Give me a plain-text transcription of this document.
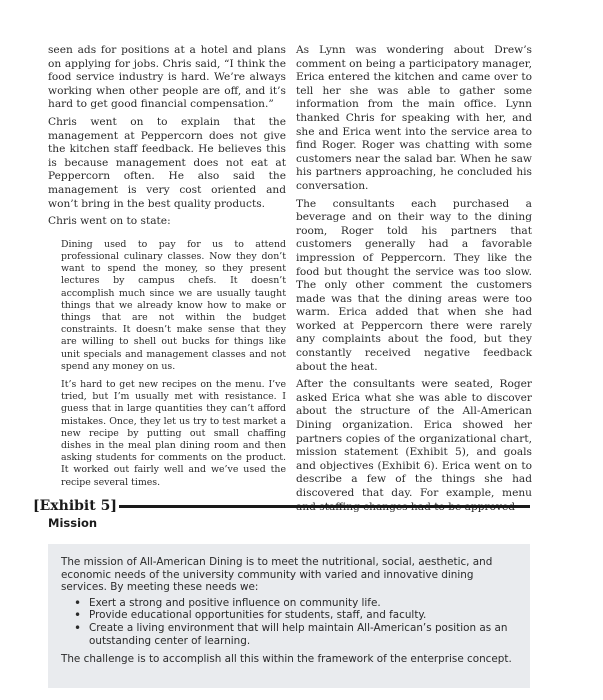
seen ads for positions at a hotel and plans on applying for jobs. Chris said, “I think the food service industry is hard. We’re always working when other people are off, and it’s hard to get good financial compensation.”

Chris went on to explain that the management at Peppercorn does not give the kitchen staff feedback. He believes this is because management does not eat at Peppercorn often. He also said the management is very cost oriented and won’t bring in the best quality products.

Chris went on to state:

Dining used to pay for us to attend professional culinary classes. Now they don’t want to spend the money, so they present lectures by campus chefs. It doesn’t accomplish much since we are usually taught things that we already know how to make or things that are not within the budget constraints. It doesn’t make sense that they are willing to shell out bucks for things like unit specials and management classes and not spend any money on us.

It’s hard to get new recipes on the menu. I’ve tried, but I’m usually met with resistance. I guess that in large quantities they can’t afford mistakes. Once, they let us try to test market a new recipe by putting out small chaffing dishes in the meal plan dining room and then asking students for comments on the product. It worked out fairly well and we’ve used the recipe several times.

As Lynn was wondering about Drew’s comment on being a participatory manager, Erica entered the kitchen and came over to tell her she was able to gather some information from the main office. Lynn thanked Chris for speaking with her, and she and Erica went into the service area to find Roger. Roger was chatting with some customers near the salad bar. When he saw his partners approaching, he concluded his conversation.

The consultants each purchased a beverage and on their way to the dining room, Roger told his partners that customers generally had a favorable impression of Peppercorn. They like the food but thought the service was too slow. The only other comment the customers made was that the dining areas were too warm. Erica added that when she had worked at Peppercorn there were rarely any complaints about the food, but they constantly received negative feedback about the heat.

After the consultants were seated, Roger asked Erica what she was able to discover about the structure of the All-American Dining organization. Erica showed her partners copies of the organizational chart, mission statement (Exhibit 5), and goals and objectives (Exhibit 6). Erica went on to describe a few of the things she had discovered that day. For example, menu

[Exhibit 5]
Mission

The mission of All-American Dining is to meet the nutritional, social, aesthetic, and economic needs of the university community with varied and innovative dining services. By meeting these needs we:

• Exert a strong and positive influence on community life.
• Provide educational opportunities for students, staff, and faculty.
• Create a living environment that will help maintain All-American’s position as an outstanding center of learning.

The challenge is to accomplish all this within the framework of the enterprise concept.
